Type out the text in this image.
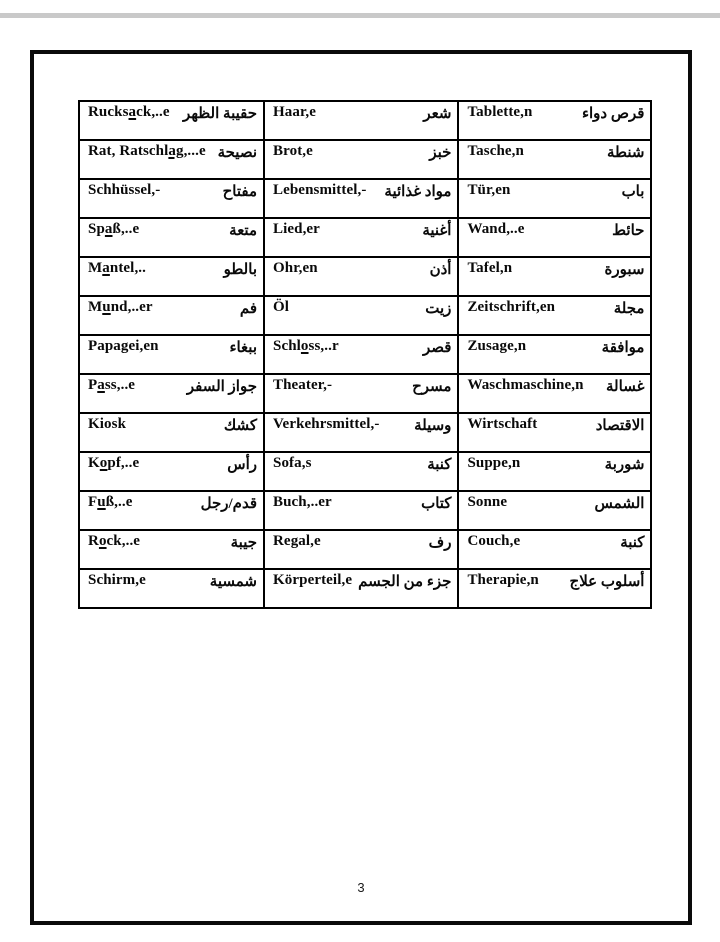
Rucksack,..e حقيبة الظهر	Haar,e شعر	Tablette,n قرص دواء

Rat, Ratschlag,...e نصيحة	Brot,e خبز	Tasche,n شنطة

Schhüssel,- مفتاح	Lebensmittel,- مواد غذائية	Tür,en باب

Spaß,..e متعة	Lied,er أغنية	Wand,..e حائط

Mantel,.. بالطو	Ohr,en أذن	Tafel,n سبورة

Mund,..er فم	Öl زيت	Zeitschrift,en مجلة

Papagei,en ببغاء	Schloss,..r قصر	Zusage,n موافقة

Pass,..e جواز السفر	Theater,- مسرح	Waschmaschine,n غسالة

Kiosk كشك	Verkehrsmittel,- وسيلة	Wirtschaft الاقتصاد

Kopf,..e رأس	Sofa,s كنبة	Suppe,n شوربة

Fuß,..e قدم/رجل	Buch,..er كتاب	Sonne الشمس

Rock,..e جيبة	Regal,e رف	Couch,e كنبة

Schirm,e شمسية	Körperteil,e جزء من الجسم	Therapie,n أسلوب علاج
3
